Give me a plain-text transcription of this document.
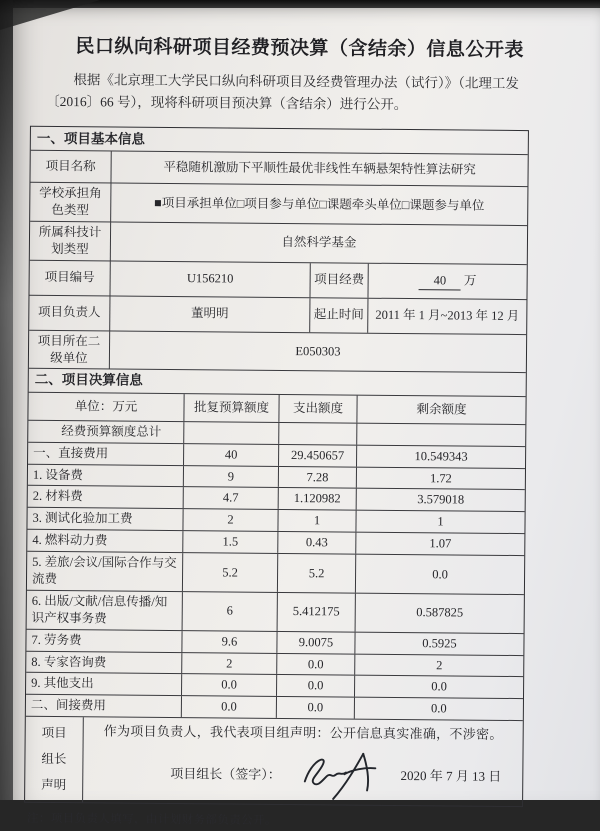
民口纵向科研项目经费预决算（含结余）信息公开表
根据《北京理工大学民口纵向科研项目及经费管理办法（试行）》（北理工发〔2016〕66 号），现将科研项目预决算（含结余）进行公开。
一、项目基本信息
项目名称	平稳随机激励下平顺性最优非线性车辆悬架特性算法研究
学校承担角色类型	■项目承担单位□项目参与单位□课题牵头单位□课题参与单位
所属科技计划类型	自然科学基金
项目编号	U156210	项目经费	40	万
项目负责人	董明明	起止时间 2011 年 1 月~2013 年 12 月
项目所在二级单位	E050303
二、项目决算信息
单位：万元	批复预算额度	支出额度	剩余额度
经费预算额度总计
一、直接费用	40	29.450657	10.549343
1. 设备费	9	7.28	1.72
2. 材料费	4.7	1.120982	3.579018
3. 测试化验加工费	2	1	1
4. 燃料动力费	1.5	0.43	1.07
5. 差旅/会议/国际合作与交流费	5.2	5.2	0.0
6. 出版/文献/信息传播/知识产权事务费	6	5.412175	0.587825
7. 劳务费	9.6	9.0075	0.5925
8. 专家咨询费	2	0.0	2
9. 其他支出	0.0	0.0	0.0
二、间接费用	0.0	0.0	0.0
项目
组长
声明
作为项目负责人，我代表项目组声明：公开信息真实准确，不涉密。
项目组长（签字）：	2020 年 7 月 13 日
注：项目负责人填写，由计划财务部负责公开。
